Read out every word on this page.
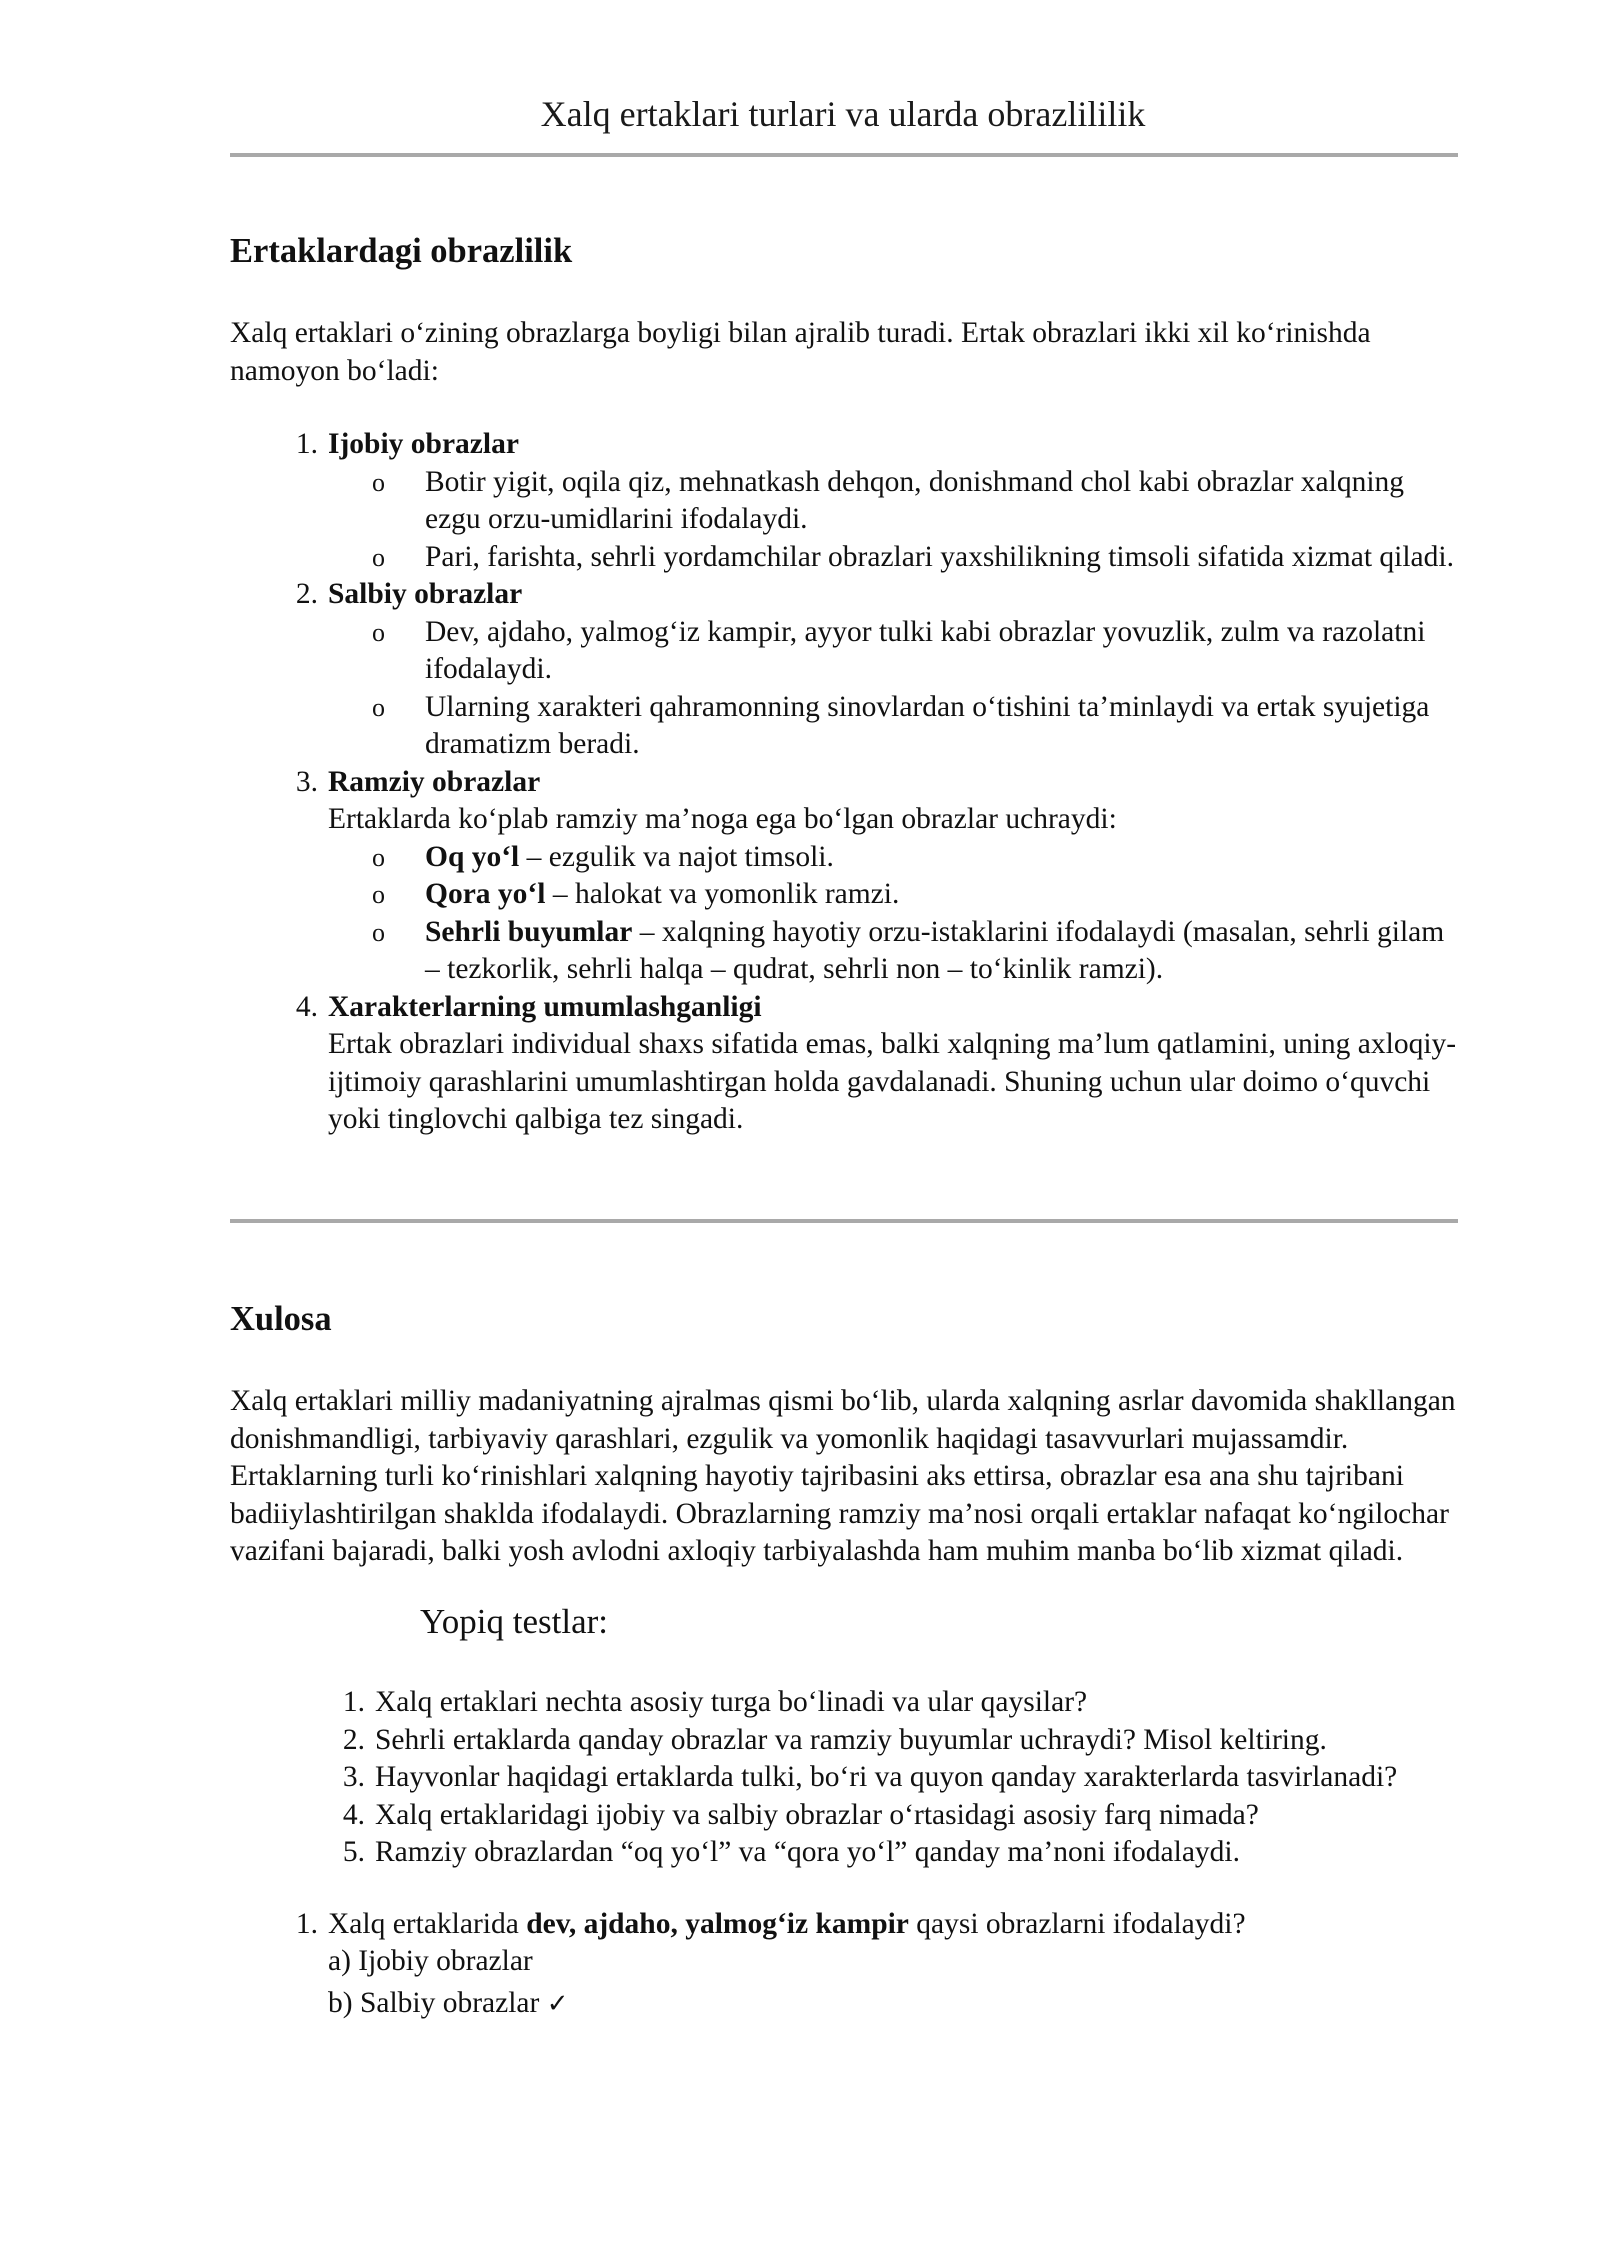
Xalq ertaklari turlari va ularda obrazlililik
Ertaklardagi obrazlilik

Xalq ertaklari o‘zining obrazlarga boyligi bilan ajralib turadi. Ertak obrazlari ikki xil ko‘rinishda namoyon bo‘ladi:

1. Ijobiy obrazlar
o Botir yigit, oqila qiz, mehnatkash dehqon, donishmand chol kabi obrazlar xalqning ezgu orzu-umidlarini ifodalaydi.
o Pari, farishta, sehrli yordamchilar obrazlari yaxshilikning timsoli sifatida xizmat qiladi.
2. Salbiy obrazlar
o Dev, ajdaho, yalmog‘iz kampir, ayyor tulki kabi obrazlar yovuzlik, zulm va razolatni ifodalaydi.
o Ularning xarakteri qahramonning sinovlardan o‘tishini ta’minlaydi va ertak syujetiga dramatizm beradi.
3. Ramziy obrazlar
Ertaklarda ko‘plab ramziy ma’noga ega bo‘lgan obrazlar uchraydi:
o Oq yo‘l – ezgulik va najot timsoli.
o Qora yo‘l – halokat va yomonlik ramzi.
o Sehrli buyumlar – xalqning hayotiy orzu-istaklarini ifodalaydi (masalan, sehrli gilam – tezkorlik, sehrli halqa – qudrat, sehrli non – to‘kinlik ramzi).
4. Xarakterlarning umumlashganligi
Ertak obrazlari individual shaxs sifatida emas, balki xalqning ma’lum qatlamini, uning axloqiy-ijtimoiy qarashlarini umumlashtirgan holda gavdalanadi. Shuning uchun ular doimo o‘quvchi yoki tinglovchi qalbiga tez singadi.
Xulosa

Xalq ertaklari milliy madaniyatning ajralmas qismi bo‘lib, ularda xalqning asrlar davomida shakllangan donishmandligi, tarbiyaviy qarashlari, ezgulik va yomonlik haqidagi tasavvurlari mujassamdir. Ertaklarning turli ko‘rinishlari xalqning hayotiy tajribasini aks ettirsa, obrazlar esa ana shu tajribani badiiylashtirilgan shaklda ifodalaydi. Obrazlarning ramziy ma’nosi orqali ertaklar nafaqat ko‘ngilochar vazifani bajaradi, balki yosh avlodni axloqiy tarbiyalashda ham muhim manba bo‘lib xizmat qiladi.

Yopiq testlar:
1. Xalq ertaklari nechta asosiy turga bo‘linadi va ular qaysilar?
2. Sehrli ertaklarda qanday obrazlar va ramziy buyumlar uchraydi? Misol keltiring.
3. Hayvonlar haqidagi ertaklarda tulki, bo‘ri va quyon qanday xarakterlarda tasvirlanadi?
4. Xalq ertaklaridagi ijobiy va salbiy obrazlar o‘rtasidagi asosiy farq nimada?
5. Ramziy obrazlardan “oq yo‘l” va “qora yo‘l” qanday ma’noni ifodalaydi.
1. Xalq ertaklarida dev, ajdaho, yalmog‘iz kampir qaysi obrazlarni ifodalaydi?
a) Ijobiy obrazlar
b) Salbiy obrazlar ✓
